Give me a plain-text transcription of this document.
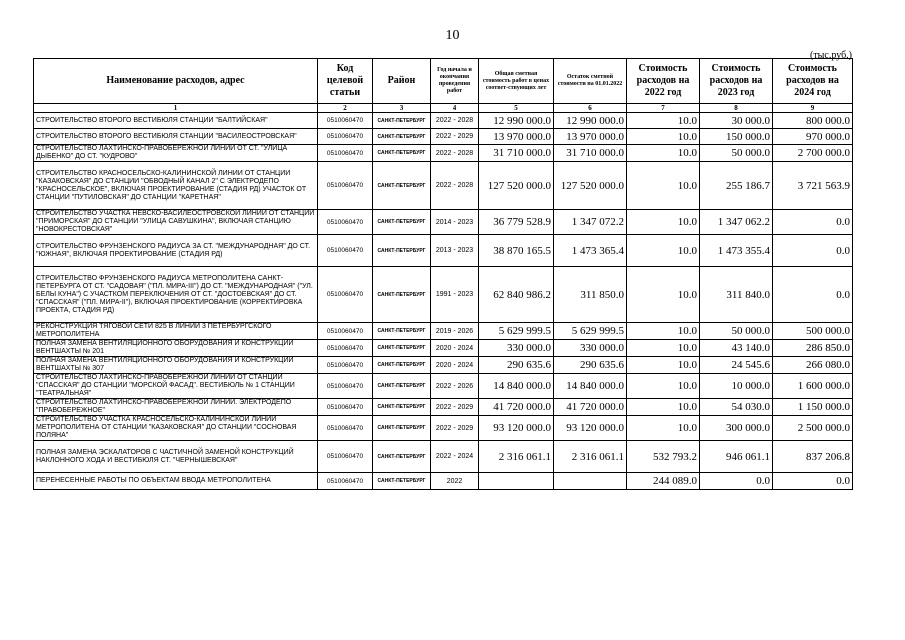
10
(тыс.руб.)
Наименование расходов, адрес	Код целевой статьи	Район	Год начала и окончания проведения работ	Общая сметная стоимость работ в ценах соответ-ствующих лет	Остаток сметной стоимости на 01.01.2022	Стоимость расходов на 2022 год	Стоимость расходов на 2023 год	Стоимость расходов на 2024 год
1	2	3	4	5	6	7	8	9
СТРОИТЕЛЬСТВО ВТОРОГО ВЕСТИБЮЛЯ СТАНЦИИ "БАЛТИЙСКАЯ"	0510060470	САНКТ-ПЕТЕРБУРГ	2022 - 2028	12 990 000.0	12 990 000.0	10.0	30 000.0	800 000.0
СТРОИТЕЛЬСТВО ВТОРОГО ВЕСТИБЮЛЯ СТАНЦИИ "ВАСИЛЕОСТРОВСКАЯ"	0510060470	САНКТ-ПЕТЕРБУРГ	2022 - 2029	13 970 000.0	13 970 000.0	10.0	150 000.0	970 000.0
СТРОИТЕЛЬСТВО ЛАХТИНСКО-ПРАВОБЕРЕЖНОЙ ЛИНИИ ОТ СТ. "УЛИЦА ДЫБЕНКО" ДО СТ. "КУДРОВО"	0510060470	САНКТ-ПЕТЕРБУРГ	2022 - 2028	31 710 000.0	31 710 000.0	10.0	50 000.0	2 700 000.0
СТРОИТЕЛЬСТВО КРАСНОСЕЛЬСКО-КАЛИНИНСКОЙ ЛИНИИ ОТ СТАНЦИИ "КАЗАКОВСКАЯ" ДО СТАНЦИИ "ОБВОДНЫЙ КАНАЛ 2" С ЭЛЕКТРОДЕПО "КРАСНОСЕЛЬСКОЕ", ВКЛЮЧАЯ ПРОЕКТИРОВАНИЕ (СТАДИЯ РД) УЧАСТОК ОТ СТАНЦИИ "ПУТИЛОВСКАЯ" ДО СТАНЦИИ "КАРЕТНАЯ"	0510060470	САНКТ-ПЕТЕРБУРГ	2022 - 2028	127 520 000.0	127 520 000.0	10.0	255 186.7	3 721 563.9
СТРОИТЕЛЬСТВО УЧАСТКА НЕВСКО-ВАСИЛЕОСТРОВСКОЙ ЛИНИИ ОТ СТАНЦИИ "ПРИМОРСКАЯ" ДО СТАНЦИИ "УЛИЦА САВУШКИНА", ВКЛЮЧАЯ СТАНЦИЮ "НОВОКРЕСТОВСКАЯ"	0510060470	САНКТ-ПЕТЕРБУРГ	2014 - 2023	36 779 528.9	1 347 072.2	10.0	1 347 062.2	0.0
СТРОИТЕЛЬСТВО ФРУНЗЕНСКОГО РАДИУСА ЗА СТ. "МЕЖДУНАРОДНАЯ" ДО СТ. "ЮЖНАЯ", ВКЛЮЧАЯ ПРОЕКТИРОВАНИЕ (СТАДИЯ РД)	0510060470	САНКТ-ПЕТЕРБУРГ	2013 - 2023	38 870 165.5	1 473 365.4	10.0	1 473 355.4	0.0
СТРОИТЕЛЬСТВО ФРУНЗЕНСКОГО РАДИУСА МЕТРОПОЛИТЕНА САНКТ-ПЕТЕРБУРГА ОТ СТ. "САДОВАЯ" ("ПЛ. МИРА-III") ДО СТ. "МЕЖДУНАРОДНАЯ" ("УЛ. БЕЛЫ КУНА") С УЧАСТКОМ ПЕРЕКЛЮЧЕНИЯ ОТ СТ. "ДОСТОЕВСКАЯ" ДО СТ. "СПАССКАЯ" ("ПЛ. МИРА-II"), ВКЛЮЧАЯ ПРОЕКТИРОВАНИЕ (КОРРЕКТИРОВКА ПРОЕКТА, СТАДИЯ РД)	0510060470	САНКТ-ПЕТЕРБУРГ	1991 - 2023	62 840 986.2	311 850.0	10.0	311 840.0	0.0
РЕКОНСТРУКЦИЯ ТЯГОВОЙ СЕТИ 825 В ЛИНИИ 3 ПЕТЕРБУРГСКОГО МЕТРОПОЛИТЕНА	0510060470	САНКТ-ПЕТЕРБУРГ	2019 - 2026	5 629 999.5	5 629 999.5	10.0	50 000.0	500 000.0
ПОЛНАЯ ЗАМЕНА ВЕНТИЛЯЦИОННОГО ОБОРУДОВАНИЯ И КОНСТРУКЦИЙ ВЕНТШАХТЫ № 201	0510060470	САНКТ-ПЕТЕРБУРГ	2020 - 2024	330 000.0	330 000.0	10.0	43 140.0	286 850.0
ПОЛНАЯ ЗАМЕНА ВЕНТИЛЯЦИОННОГО ОБОРУДОВАНИЯ И КОНСТРУКЦИЙ ВЕНТШАХТЫ № 307	0510060470	САНКТ-ПЕТЕРБУРГ	2020 - 2024	290 635.6	290 635.6	10.0	24 545.6	266 080.0
СТРОИТЕЛЬСТВО ЛАХТИНСКО-ПРАВОБЕРЕЖНОЙ ЛИНИИ ОТ СТАНЦИИ "СПАССКАЯ" ДО СТАНЦИИ "МОРСКОЙ ФАСАД". ВЕСТИБЮЛЬ № 1 СТАНЦИИ "ТЕАТРАЛЬНАЯ"	0510060470	САНКТ-ПЕТЕРБУРГ	2022 - 2026	14 840 000.0	14 840 000.0	10.0	10 000.0	1 600 000.0
СТРОИТЕЛЬСТВО ЛАХТИНСКО-ПРАВОБЕРЕЖНОЙ ЛИНИИ. ЭЛЕКТРОДЕПО "ПРАВОБЕРЕЖНОЕ"	0510060470	САНКТ-ПЕТЕРБУРГ	2022 - 2029	41 720 000.0	41 720 000.0	10.0	54 030.0	1 150 000.0
СТРОИТЕЛЬСТВО УЧАСТКА КРАСНОСЕЛЬСКО-КАЛИНИНСКОЙ ЛИНИИ МЕТРОПОЛИТЕНА ОТ СТАНЦИИ "КАЗАКОВСКАЯ" ДО СТАНЦИИ "СОСНОВАЯ ПОЛЯНА"	0510060470	САНКТ-ПЕТЕРБУРГ	2022 - 2029	93 120 000.0	93 120 000.0	10.0	300 000.0	2 500 000.0
ПОЛНАЯ ЗАМЕНА ЭСКАЛАТОРОВ С ЧАСТИЧНОЙ ЗАМЕНОЙ КОНСТРУКЦИЙ НАКЛОННОГО ХОДА И ВЕСТИБЮЛЯ СТ. "ЧЕРНЫШЕВСКАЯ"	0510060470	САНКТ-ПЕТЕРБУРГ	2022 - 2024	2 316 061.1	2 316 061.1	532 793.2	946 061.1	837 206.8
ПЕРЕНЕСЕННЫЕ РАБОТЫ ПО ОБЪЕКТАМ ВВОДА МЕТРОПОЛИТЕНА	0510060470	САНКТ-ПЕТЕРБУРГ	2022			244 089.0	0.0	0.0
